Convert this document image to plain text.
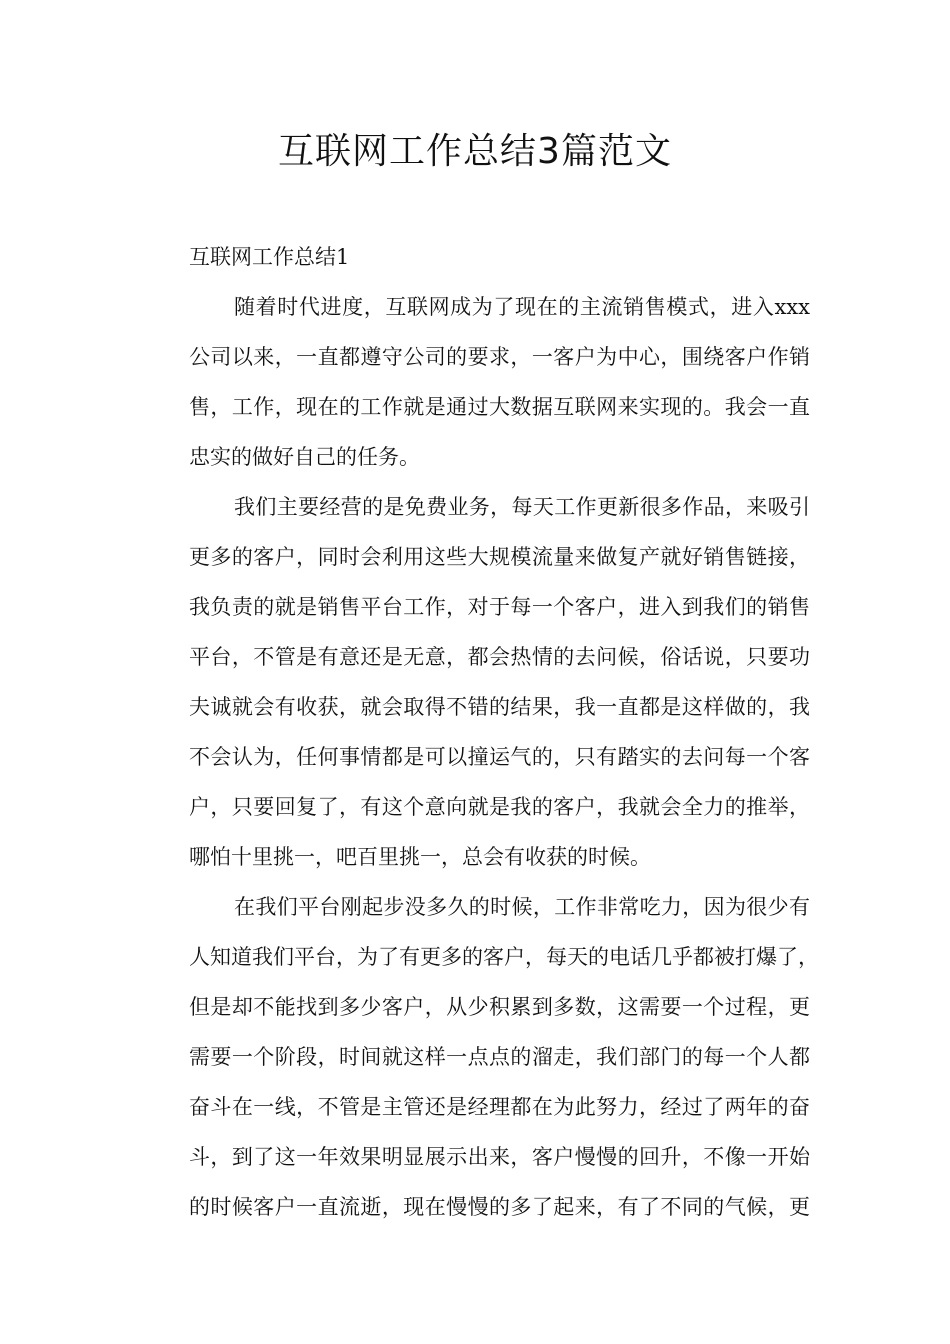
互联网工作总结3篇范文

互联网工作总结1

随着时代进度，互联网成为了现在的主流销售模式，进入xxx
公司以来，一直都遵守公司的要求，一客户为中心，围绕客户作销
售，工作，现在的工作就是通过大数据互联网来实现的。我会一直
忠实的做好自己的任务。

我们主要经营的是免费业务，每天工作更新很多作品，来吸引
更多的客户，同时会利用这些大规模流量来做复产就好销售链接，
我负责的就是销售平台工作，对于每一个客户，进入到我们的销售
平台，不管是有意还是无意，都会热情的去问候，俗话说，只要功
夫诚就会有收获，就会取得不错的结果，我一直都是这样做的，我
不会认为，任何事情都是可以撞运气的，只有踏实的去问每一个客
户，只要回复了，有这个意向就是我的客户，我就会全力的推举，
哪怕十里挑一，吧百里挑一，总会有收获的时候。

在我们平台刚起步没多久的时候，工作非常吃力，因为很少有
人知道我们平台，为了有更多的客户，每天的电话几乎都被打爆了，
但是却不能找到多少客户，从少积累到多数，这需要一个过程，更
需要一个阶段，时间就这样一点点的溜走，我们部门的每一个人都
奋斗在一线，不管是主管还是经理都在为此努力，经过了两年的奋
斗，到了这一年效果明显展示出来，客户慢慢的回升，不像一开始
的时候客户一直流逝，现在慢慢的多了起来，有了不同的气候，更
